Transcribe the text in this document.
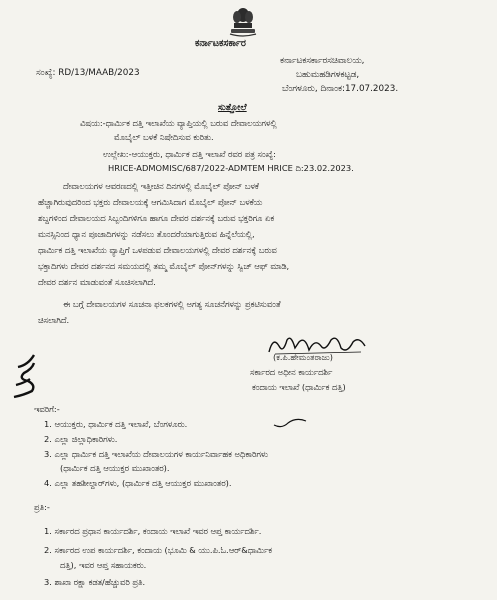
ಕರ್ನಾಟಕಸರ್ಕಾರ
ಸಂಖ್ಯೆ: RD/13/MAAB/2023
ಕರ್ನಾಟಕಸರ್ಕಾರಸಚಿವಾಲಯ,
ಬಹುಮಹಡಿಗಳಕಟ್ಟಡ,
ಬೆಂಗಳೂರು, ದಿನಾಂಕ:17.07.2023.
ಸುತ್ತೋಲೆ
ವಿಷಯ:-ಧಾರ್ಮಿಕ ದತ್ತಿ ಇಲಾಖೆಯ ವ್ಯಾಪ್ತಿಯಲ್ಲಿ ಬರುವ ದೇವಾಲಯಗಳಲ್ಲಿ
ಮೊಬೈಲ್ ಬಳಕೆ ನಿಷೇದಿಸುವ ಕುರಿತು.
ಉಲ್ಲೇಖ:-ಆಯುಕ್ತರು, ಧಾರ್ಮಿಕ ದತ್ತಿ ಇಲಾಖೆ ರವರ ಪತ್ರ ಸಂಖ್ಯೆ:
HRICE-ADMOMISC/687/2022-ADMTEM HRICE ದಿ:23.02.2023.
ದೇವಾಲಯಗಳ ಆವರಣದಲ್ಲಿ ಇತ್ತೀಚಿನ ದಿನಗಳಲ್ಲಿ ಮೊಬೈಲ್ ಪೋನ್ ಬಳಕೆ
ಹೆಚ್ಚಾಗಿರುವುದರಿಂದ ಭಕ್ತರು ದೇವಾಲಯಕ್ಕೆ ಆಗಮಿಸಿದಾಗ ಮೊಬೈಲ್ ಪೋನ್ ಬಳಕೆಯ
ಶಬ್ದಗಳಿಂದ ದೇವಾಲಯದ ಸಿಬ್ಬಂದಿಗಳಿಗೂ ಹಾಗೂ ದೇವರ ದರ್ಶನಕ್ಕೆ ಬರುವ ಭಕ್ತರಿಗೂ ಏಕ
ಮನಸ್ಸಿನಿಂದ ಧ್ಯಾನ ಪೂಜಾದಿಗಳನ್ನು ನಡೆಸಲು ತೊಂದರೆಯಾಗುತ್ತಿರುವ ಹಿನ್ನೆಲೆಯಲ್ಲಿ,
ಧಾರ್ಮಿಕ ದತ್ತಿ ಇಲಾಖೆಯ ವ್ಯಾಪ್ತಿಗೆ ಒಳಪಡುವ ದೇವಾಲಯಗಳಲ್ಲಿ ದೇವರ ದರ್ಶನಕ್ಕೆ ಬರುವ
ಭಕ್ತಾದಿಗಳು ದೇವರ ದರ್ಶನದ ಸಮಯದಲ್ಲಿ ತಮ್ಮ ಮೊಬೈಲ್ ಪೋನ್‌ಗಳನ್ನು ಸ್ವಿಚ್ ಆಫ್ ಮಾಡಿ,
ದೇವರ ದರ್ಶನ ಮಾಡುವಂತೆ ಸೂಚಿಸಲಾಗಿದೆ.
ಈ ಬಗ್ಗೆ ದೇವಾಲಯಗಳ ಸೂಚನಾ ಫಲಕಗಳಲ್ಲಿ ಅಗತ್ಯ ಸೂಚನೆಗಳನ್ನು ಪ್ರಕಟಿಸುವಂತೆ
ಚಿಸಲಾಗಿದೆ.
(ಕ.ಪಿ.ಹೇಮಂತರಾಜು)
ಸರ್ಕಾರದ ಅಧೀನ ಕಾರ್ಯದರ್ಶಿ
ಕಂದಾಯ ಇಲಾಖೆ (ಧಾರ್ಮಿಕ ದತ್ತಿ)
ಇವರಿಗೆ:-
1. ಆಯುಕ್ತರು, ಧಾರ್ಮಿಕ ದತ್ತಿ ಇಲಾಖೆ, ಬೆಂಗಳೂರು.
2. ಎಲ್ಲಾ ಜಿಲ್ಲಾಧಿಕಾರಿಗಳು.
3. ಎಲ್ಲಾ ಧಾರ್ಮಿಕ ದತ್ತಿ ಇಲಾಖೆಯ ದೇವಾಲಯಗಳ ಕಾರ್ಯನಿರ್ವಾಹಕ ಅಧಿಕಾರಿಗಳು
(ಧಾರ್ಮಿಕ ದತ್ತಿ ಆಯುಕ್ತರ ಮುಖಾಂತರ).
4. ಎಲ್ಲಾ ತಹಶೀಲ್ದಾರ್‌ಗಳು, (ಧಾರ್ಮಿಕ ದತ್ತಿ ಆಯುಕ್ತರ ಮುಖಾಂತರ).
ಪ್ರತಿ:-
1. ಸರ್ಕಾರದ ಪ್ರಧಾನ ಕಾರ್ಯದರ್ಶಿ, ಕಂದಾಯ ಇಲಾಖೆ ಇವರ ಆಪ್ತ ಕಾರ್ಯದರ್ಶಿ.
2. ಸರ್ಕಾರದ ಉಪ ಕಾರ್ಯದರ್ಶಿ, ಕಂದಾಯ (ಭೂಮಿ & ಯು.ಪಿ.ಓ.ಆರ್&ಧಾರ್ಮಿಕ
ದತ್ತಿ), ಇವರ ಆಪ್ತ ಸಹಾಯಕರು.
3. ಶಾಖಾ ರಕ್ಷಾ ಕಡತ/ಹೆಚ್ಚುವರಿ ಪ್ರತಿ.
